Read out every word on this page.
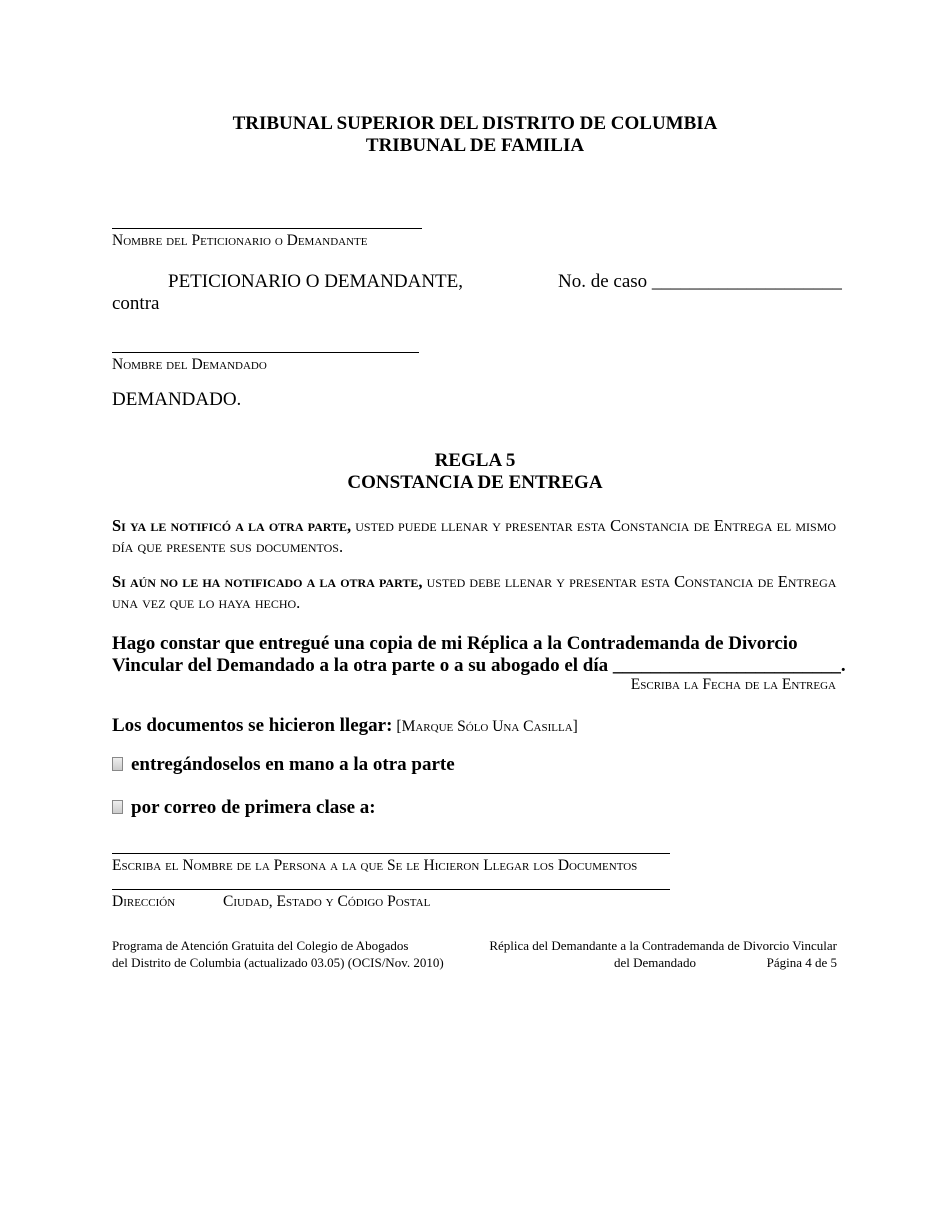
TRIBUNAL SUPERIOR DEL DISTRITO DE COLUMBIA
TRIBUNAL DE FAMILIA
Nombre del Peticionario o Demandante
PETICIONARIO O DEMANDANTE,	No. de caso ____________________
contra
Nombre del Demandado
DEMANDADO.
REGLA 5
CONSTANCIA DE ENTREGA
Si ya le notificó a la otra parte, usted puede llenar y presentar esta Constancia de Entrega el mismo día que presente sus documentos.
Si aún no le ha notificado a la otra parte, usted debe llenar y presentar esta Constancia de Entrega una vez que lo haya hecho.
Hago constar que entregué una copia de mi Réplica a la Contrademanda de Divorcio
Vincular del Demandado a la otra parte o a su abogado el día ________________________.
Escriba la Fecha de la Entrega
Los documentos se hicieron llegar: [Marque Sólo Una Casilla]
entregándoselos en mano a la otra parte
por correo de primera clase a:
Escriba el Nombre de la Persona a la que Se le Hicieron Llegar los Documentos
Dirección	Ciudad, Estado y Código Postal
Programa de Atención Gratuita del Colegio de Abogados
del Distrito de Columbia (actualizado 03.05) (OCIS/Nov. 2010)
Réplica del Demandante a la Contrademanda de Divorcio Vincular
del Demandado	Página 4 de 5
